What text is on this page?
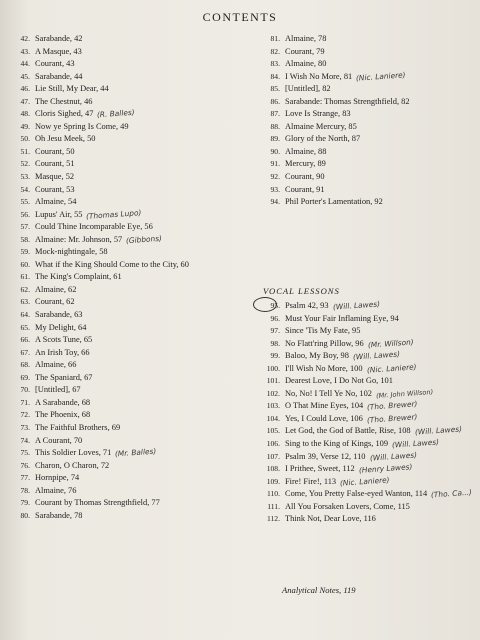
CONTENTS
42. Sarabande, 42
43. A Masque, 43
44. Courant, 43
45. Sarabande, 44
46. Lie Still, My Dear, 44
47. The Chestnut, 46
48. Cloris Sighed, 47 (R. Balles)
49. Now ye Spring Is Come, 49
50. Oh Jesu Meek, 50
51. Courant, 50
52. Courant, 51
53. Masque, 52
54. Courant, 53
55. Almaine, 54
56. Lupus' Air, 55 (Thomas Lupo)
57. Could Thine Incomparable Eye, 56
58. Almaine: Mr. Johnson, 57 (Gibbons)
59. Mock-nightingale, 58
60. What if the King Should Come to the City, 60
61. The King's Complaint, 61
62. Almaine, 62
63. Courant, 62
64. Sarabande, 63
65. My Delight, 64
66. A Scots Tune, 65
67. An Irish Toy, 66
68. Almaine, 66
69. The Spaniard, 67
70. [Untitled], 67
71. A Sarabande, 68
72. The Phoenix, 68
73. The Faithful Brothers, 69
74. A Courant, 70
75. This Soldier Loves, 71 (Mr. Balles)
76. Charon, O Charon, 72
77. Hornpipe, 74
78. Almaine, 76
79. Courant by Thomas Strengthfield, 77
80. Sarabande, 78
81. Almaine, 78
82. Courant, 79
83. Almaine, 80
84. I Wish No More, 81 (Nic. Laniere)
85. [Untitled], 82
86. Sarabande: Thomas Strengthfield, 82
87. Love Is Strange, 83
88. Almaine Mercury, 85
89. Glory of the North, 87
90. Almaine, 88
91. Mercury, 89
92. Courant, 90
93. Courant, 91
94. Phil Porter's Lamentation, 92
VOCAL LESSONS
95. Psalm 42, 93 (Will. Lawes)
96. Must Your Fair Inflaming Eye, 94
97. Since 'Tis My Fate, 95
98. No Flatt'ring Pillow, 96 (Mr. Willson)
99. Baloo, My Boy, 98 (Will. Lawes)
100. I'll Wish No More, 100 (Nic. Laniere)
101. Dearest Love, I Do Not Go, 101
102. No, No! I Tell Ye No, 102 (Mr. John Willson)
103. O That Mine Eyes, 104 (Tho. Brewer)
104. Yes, I Could Love, 106 (Tho. Brewer)
105. Let God, the God of Battle, Rise, 108 (Will. Lawes)
106. Sing to the King of Kings, 109 (Will. Lawes)
107. Psalm 39, Verse 12, 110 (Will. Lawes)
108. I Prithee, Sweet, 112 (Henry Lawes)
109. Fire! Fire!, 113 (Nic. Laniere)
110. Come, You Pretty False-eyed Wanton, 114 (Tho. Ca...)
111. All You Forsaken Lovers, Come, 115
112. Think Not, Dear Love, 116
Analytical Notes, 119
